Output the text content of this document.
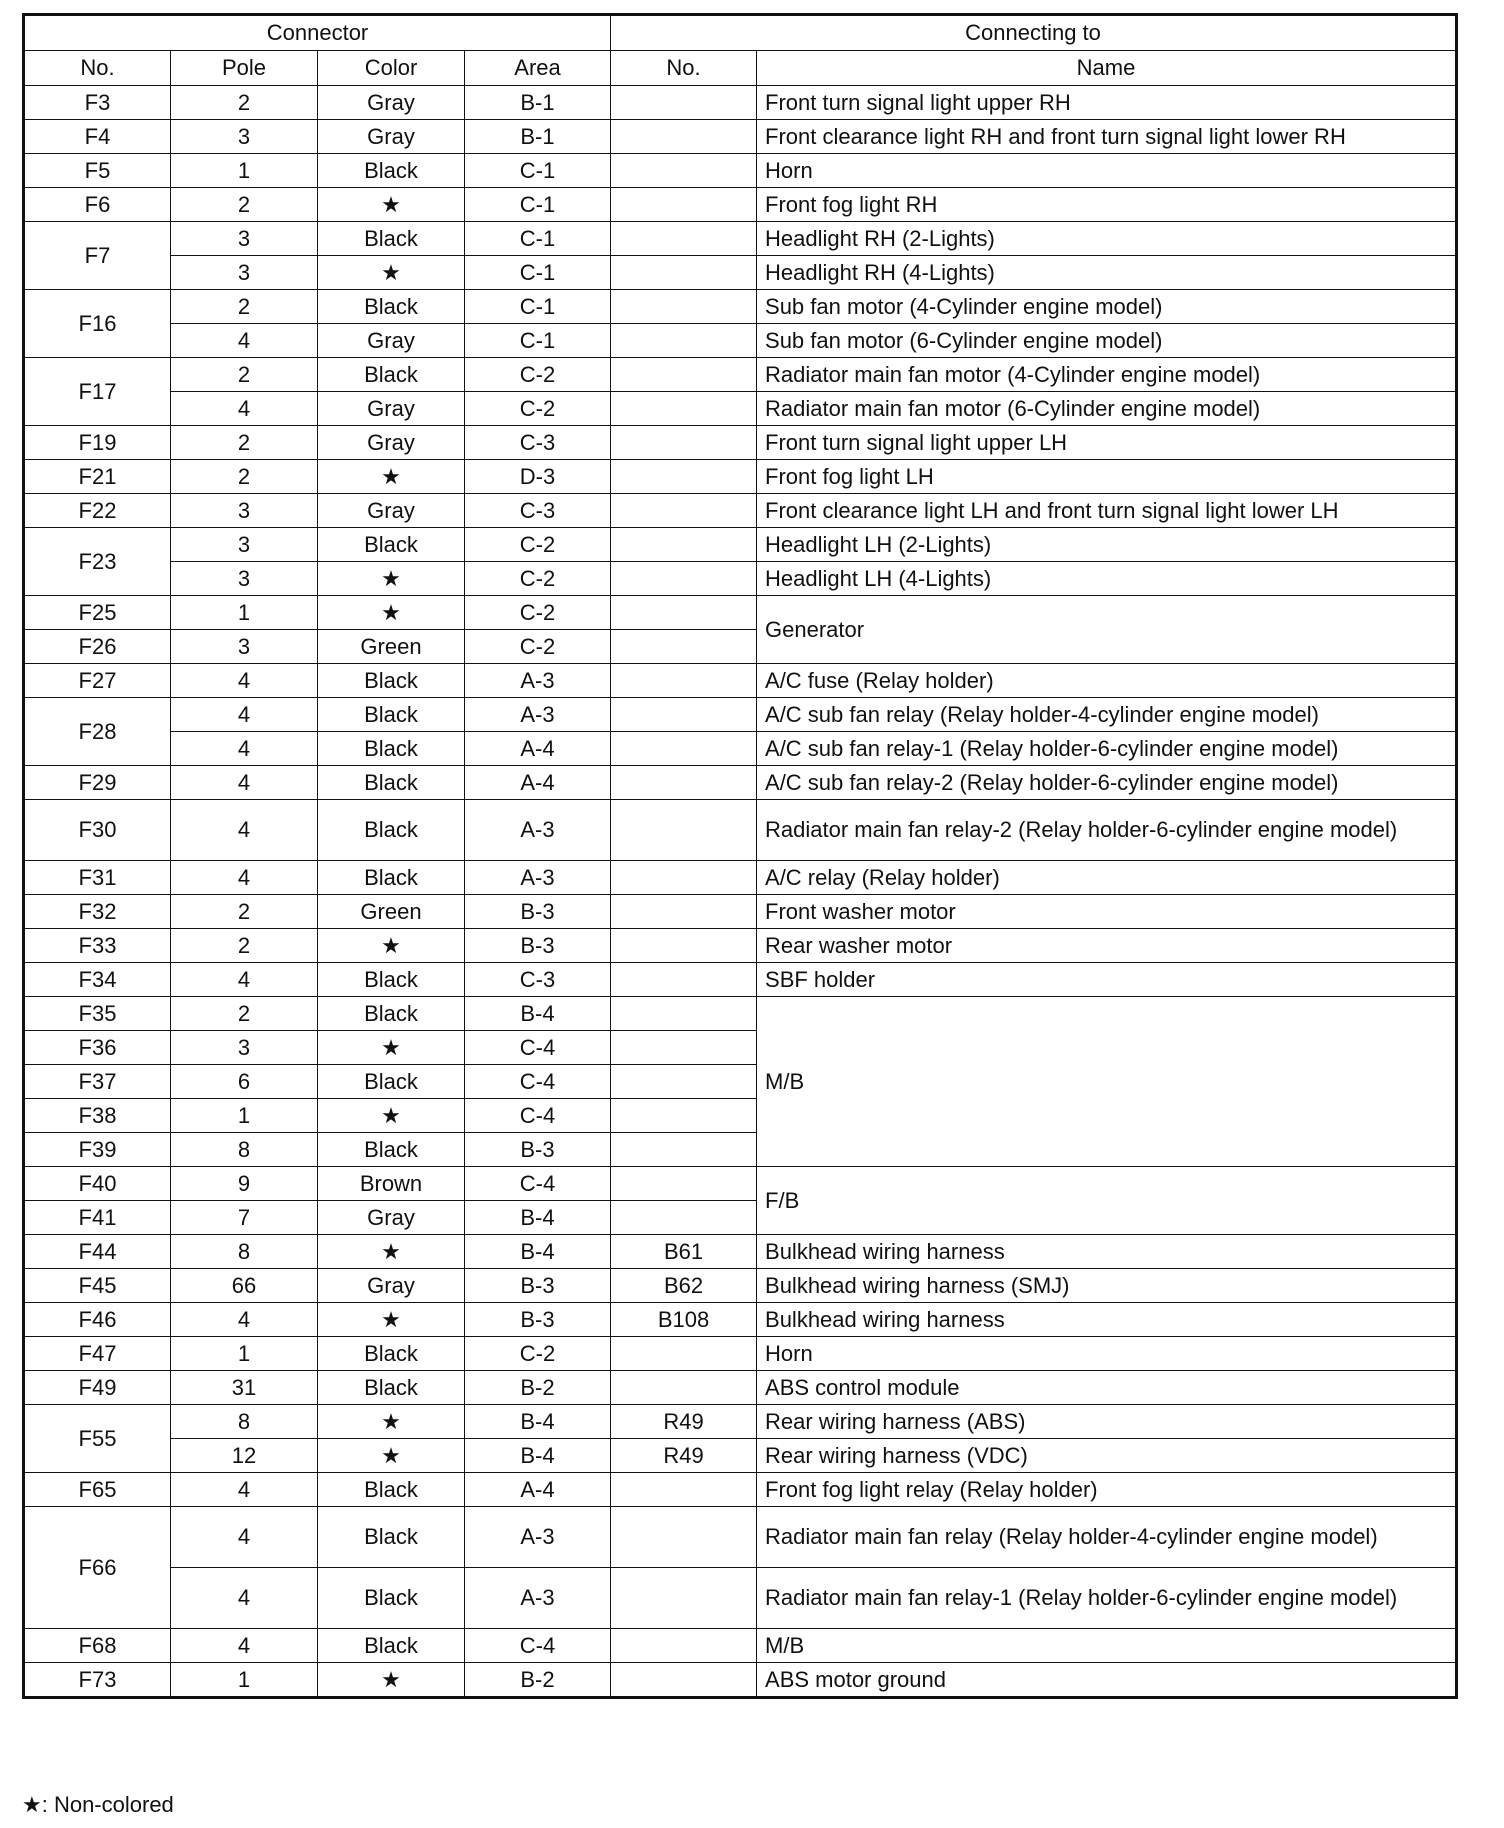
Connector				Connecting to	
No.	Pole	Color	Area	No.	Name
F3	2	Gray	B-1		Front turn signal light upper RH
F4	3	Gray	B-1		Front clearance light RH and front turn signal light lower RH
F5	1	Black	C-1		Horn
F6	2	★	C-1		Front fog light RH
F7	3	Black	C-1		Headlight RH (2-Lights)
	3	★	C-1		Headlight RH (4-Lights)
F16	2	Black	C-1		Sub fan motor (4-Cylinder engine model)
	4	Gray	C-1		Sub fan motor (6-Cylinder engine model)
F17	2	Black	C-2		Radiator main fan motor (4-Cylinder engine model)
	4	Gray	C-2		Radiator main fan motor (6-Cylinder engine model)
F19	2	Gray	C-3		Front turn signal light upper LH
F21	2	★	D-3		Front fog light LH
F22	3	Gray	C-3		Front clearance light LH and front turn signal light lower LH
F23	3	Black	C-2		Headlight LH (2-Lights)
	3	★	C-2		Headlight LH (4-Lights)
F25	1	★	C-2		Generator
F26	3	Green	C-2		
F27	4	Black	A-3		A/C fuse (Relay holder)
F28	4	Black	A-3		A/C sub fan relay (Relay holder-4-cylinder engine model)
	4	Black	A-4		A/C sub fan relay-1 (Relay holder-6-cylinder engine model)
F29	4	Black	A-4		A/C sub fan relay-2 (Relay holder-6-cylinder engine model)
F30	4	Black	A-3		Radiator main fan relay-2 (Relay holder-6-cylinder engine model)
F31	4	Black	A-3		A/C relay (Relay holder)
F32	2	Green	B-3		Front washer motor
F33	2	★	B-3		Rear washer motor
F34	4	Black	C-3		SBF holder
F35	2	Black	B-4		M/B
F36	3	★	C-4		
F37	6	Black	C-4		
F38	1	★	C-4		
F39	8	Black	B-3		
F40	9	Brown	C-4		F/B
F41	7	Gray	B-4		
F44	8	★	B-4	B61	Bulkhead wiring harness
F45	66	Gray	B-3	B62	Bulkhead wiring harness (SMJ)
F46	4	★	B-3	B108	Bulkhead wiring harness
F47	1	Black	C-2		Horn
F49	31	Black	B-2		ABS control module
F55	8	★	B-4	R49	Rear wiring harness (ABS)
	12	★	B-4	R49	Rear wiring harness (VDC)
F65	4	Black	A-4		Front fog light relay (Relay holder)
F66	4	Black	A-3		Radiator main fan relay (Relay holder-4-cylinder engine model)
	4	Black	A-3		Radiator main fan relay-1 (Relay holder-6-cylinder engine model)
F68	4	Black	C-4		M/B
F73	1	★	B-2		ABS motor ground
★: Non-colored
